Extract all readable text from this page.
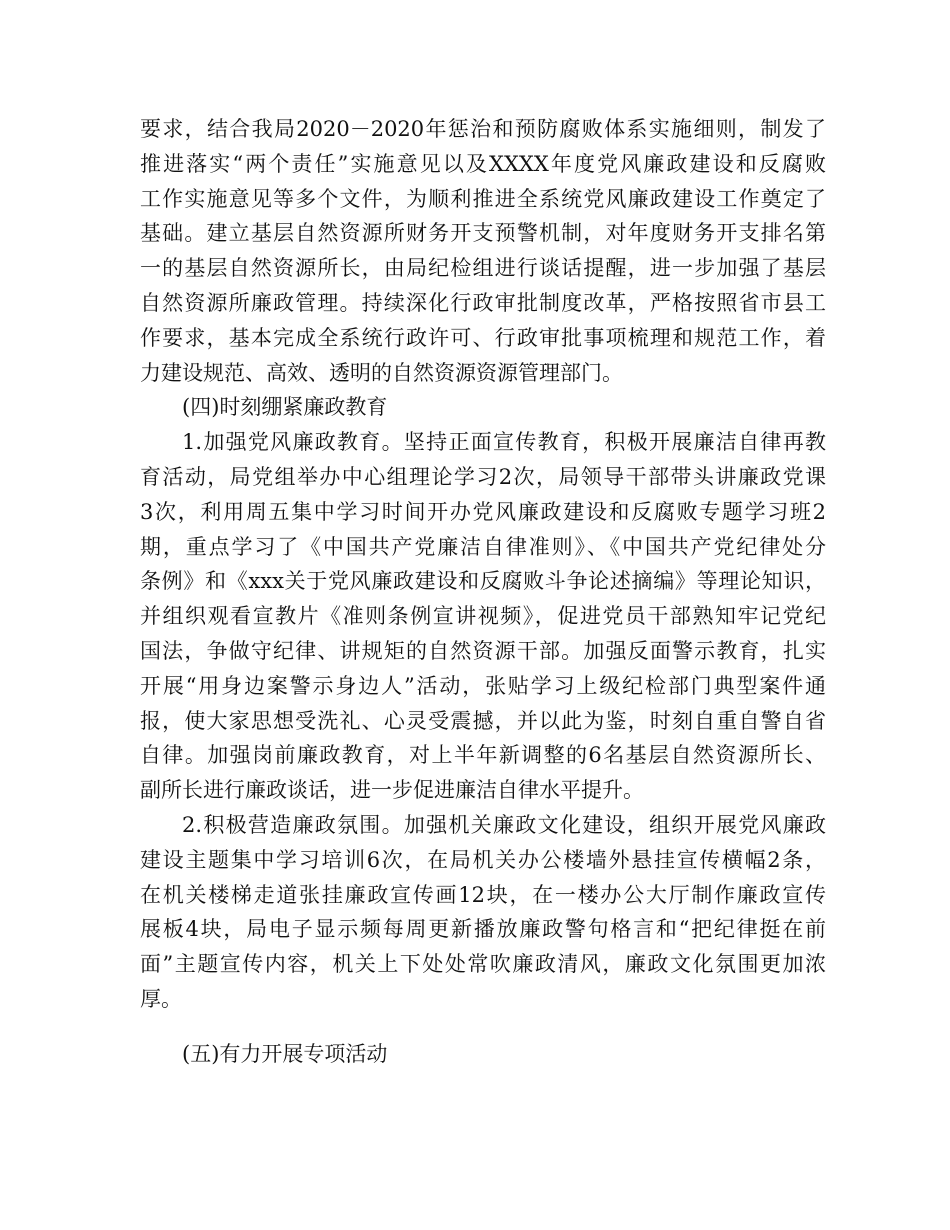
要求，结合我局2020－2020年惩治和预防腐败体系实施细则，制发了
推进落实“两个责任”实施意见以及XXXX年度党风廉政建设和反腐败
工作实施意见等多个文件，为顺利推进全系统党风廉政建设工作奠定了
基础。建立基层自然资源所财务开支预警机制，对年度财务开支排名第
一的基层自然资源所长，由局纪检组进行谈话提醒，进一步加强了基层
自然资源所廉政管理。持续深化行政审批制度改革，严格按照省市县工
作要求，基本完成全系统行政许可、行政审批事项梳理和规范工作，着
力建设规范、高效、透明的自然资源资源管理部门。
(四)时刻绷紧廉政教育
1.加强党风廉政教育。坚持正面宣传教育，积极开展廉洁自律再教
育活动，局党组举办中心组理论学习2次，局领导干部带头讲廉政党课
3次，利用周五集中学习时间开办党风廉政建设和反腐败专题学习班2
期，重点学习了《中国共产党廉洁自律准则》、《中国共产党纪律处分
条例》和《xxx关于党风廉政建设和反腐败斗争论述摘编》等理论知识，
并组织观看宣教片《准则条例宣讲视频》，促进党员干部熟知牢记党纪
国法，争做守纪律、讲规矩的自然资源干部。加强反面警示教育，扎实
开展“用身边案警示身边人”活动，张贴学习上级纪检部门典型案件通
报，使大家思想受洗礼、心灵受震撼，并以此为鉴，时刻自重自警自省
自律。加强岗前廉政教育，对上半年新调整的6名基层自然资源所长、
副所长进行廉政谈话，进一步促进廉洁自律水平提升。
2.积极营造廉政氛围。加强机关廉政文化建设，组织开展党风廉政
建设主题集中学习培训6次，在局机关办公楼墙外悬挂宣传横幅2条，
在机关楼梯走道张挂廉政宣传画12块，在一楼办公大厅制作廉政宣传
展板4块，局电子显示频每周更新播放廉政警句格言和“把纪律挺在前
面”主题宣传内容，机关上下处处常吹廉政清风，廉政文化氛围更加浓
厚。
(五)有力开展专项活动
